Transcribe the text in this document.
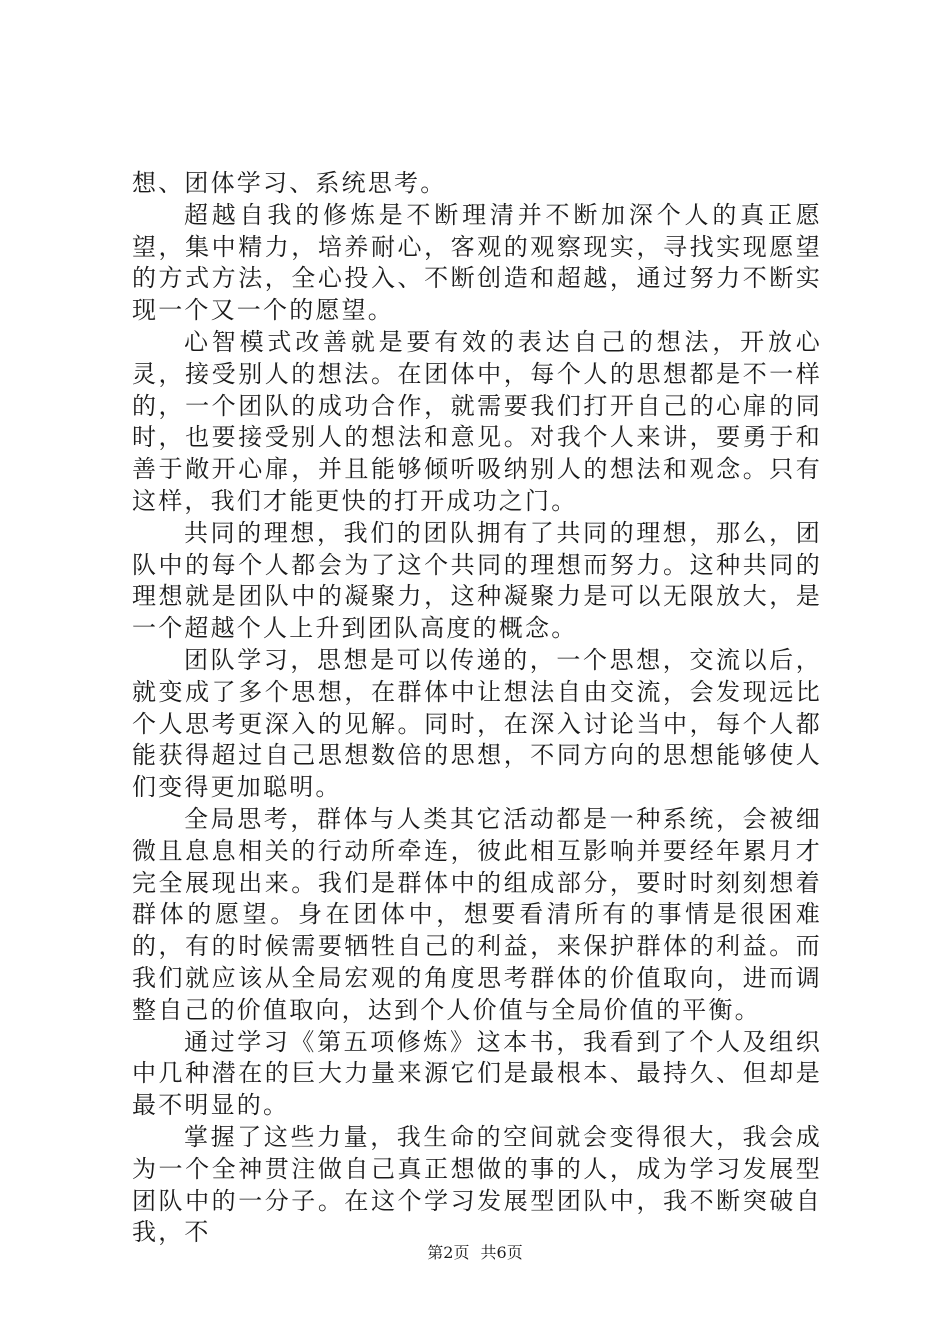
想、团体学习、系统思考。

超越自我的修炼是不断理清并不断加深个人的真正愿望，集中精力，培养耐心，客观的观察现实，寻找实现愿望的方式方法，全心投入、不断创造和超越，通过努力不断实现一个又一个的愿望。

心智模式改善就是要有效的表达自己的想法，开放心灵，接受别人的想法。在团体中，每个人的思想都是不一样的，一个团队的成功合作，就需要我们打开自己的心扉的同时，也要接受别人的想法和意见。对我个人来讲，要勇于和善于敞开心扉，并且能够倾听吸纳别人的想法和观念。只有这样，我们才能更快的打开成功之门。

共同的理想，我们的团队拥有了共同的理想，那么，团队中的每个人都会为了这个共同的理想而努力。这种共同的理想就是团队中的凝聚力，这种凝聚力是可以无限放大，是一个超越个人上升到团队高度的概念。

团队学习，思想是可以传递的，一个思想，交流以后，就变成了多个思想，在群体中让想法自由交流，会发现远比个人思考更深入的见解。同时，在深入讨论当中，每个人都能获得超过自己思想数倍的思想，不同方向的思想能够使人们变得更加聪明。

全局思考，群体与人类其它活动都是一种系统，会被细微且息息相关的行动所牵连，彼此相互影响并要经年累月才完全展现出来。我们是群体中的组成部分，要时时刻刻想着群体的愿望。身在团体中，想要看清所有的事情是很困难的，有的时候需要牺牲自己的利益，来保护群体的利益。而我们就应该从全局宏观的角度思考群体的价值取向，进而调整自己的价值取向，达到个人价值与全局价值的平衡。

通过学习《第五项修炼》这本书，我看到了个人及组织中几种潜在的巨大力量来源它们是最根本、最持久、但却是最不明显的。

掌握了这些力量，我生命的空间就会变得很大，我会成为一个全神贯注做自己真正想做的事的人，成为学习发展型团队中的一分子。在这个学习发展型团队中，我不断突破自我，不

第2页 共6页
